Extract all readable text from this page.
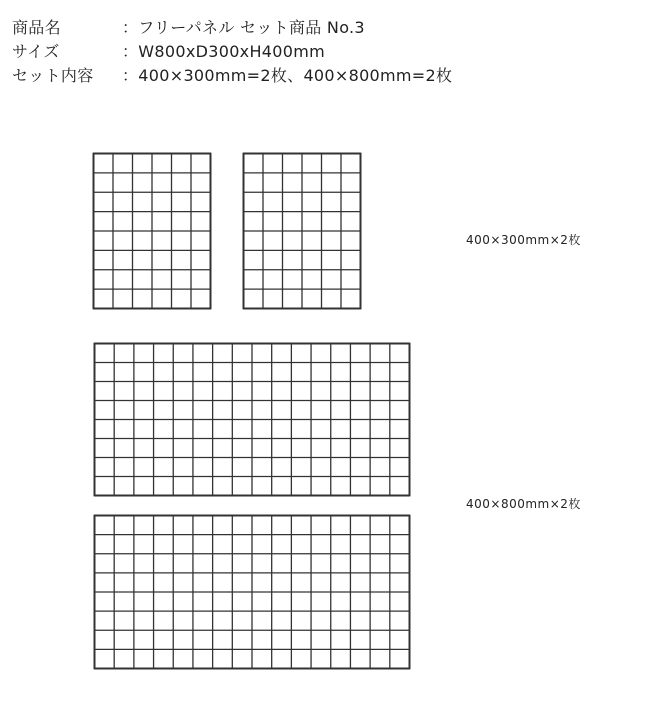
商品名	：フリーパネル セット商品 No.3
サイズ	：W800xD300xH400mm
セット内容	：400×300mm=2枚、400×800mm=2枚
400×300mm×2枚
400×800mm×2枚
